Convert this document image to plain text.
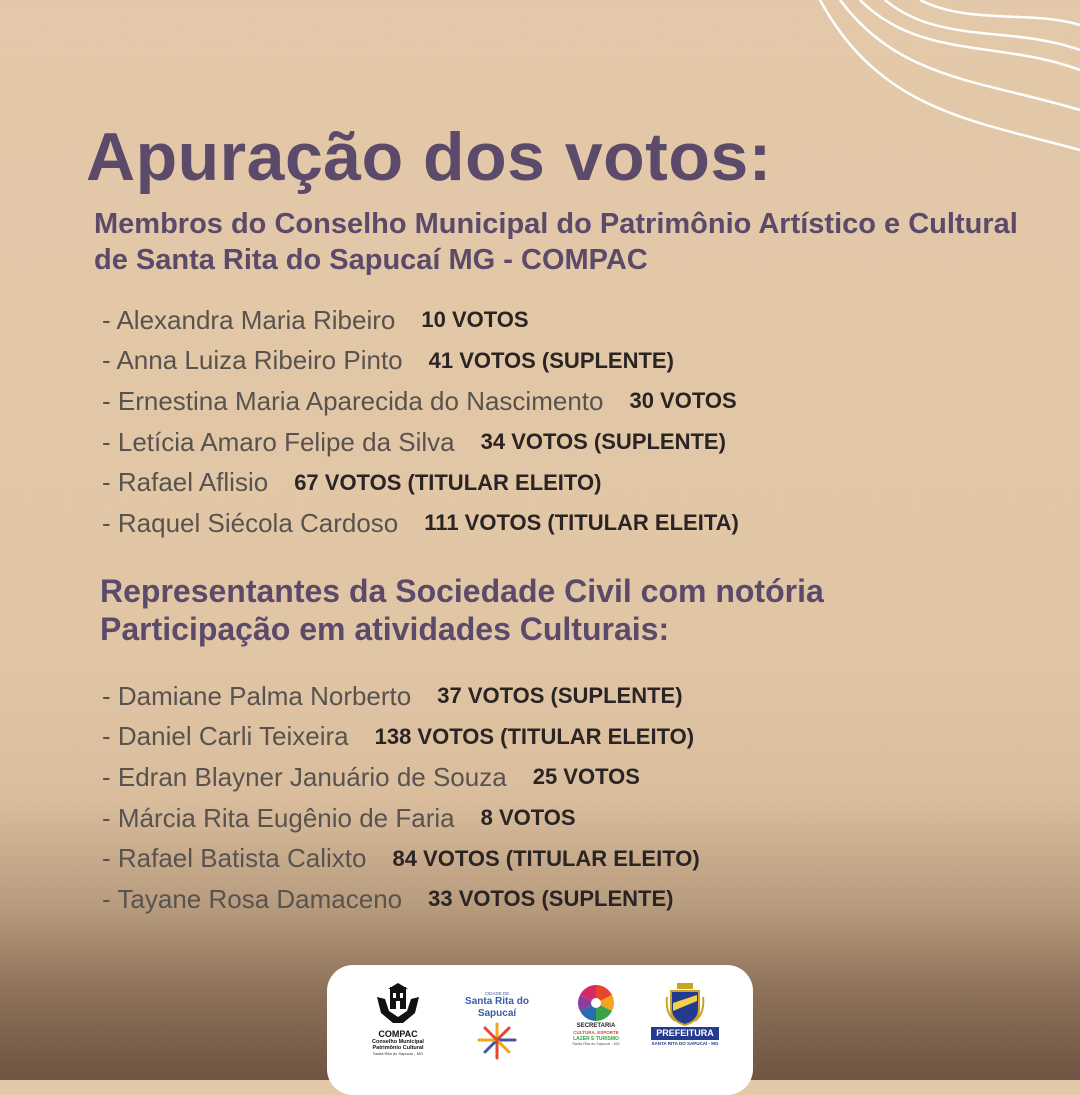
Apuração dos votos:

Membros do Conselho Municipal do Patrimônio Artístico e Cultural de Santa Rita do Sapucaí MG - COMPAC

- Alexandra Maria Ribeiro 10 VOTOS
- Anna Luiza Ribeiro Pinto 41 VOTOS (SUPLENTE)
- Ernestina Maria Aparecida do Nascimento 30 VOTOS
- Letícia Amaro Felipe da Silva 34 VOTOS (SUPLENTE)
- Rafael Aflisio 67 VOTOS (TITULAR ELEITO)
- Raquel Siécola Cardoso 111 VOTOS (TITULAR ELEITA)
Representantes da Sociedade Civil com notória Participação em atividades Culturais:
- Damiane Palma Norberto 37 VOTOS (SUPLENTE)
- Daniel Carli Teixeira 138 VOTOS (TITULAR ELEITO)
- Edran Blayner Januário de Souza 25 VOTOS
- Márcia Rita Eugênio de Faria 8 VOTOS
- Rafael Batista Calixto 84 VOTOS (TITULAR ELEITO)
- Tayane Rosa Damaceno 33 VOTOS (SUPLENTE)
COMPAC
Conselho Municipal
Patrimônio Cultural
Santa Rita do Sapucaí - MG
CIDADE DE
Santa Rita do Sapucaí
SECRETARIA
CULTURA, ESPORTE
LAZER E TURISMO
Santa Rita do Sapucaí - MG
PREFEITURA
SANTA RITA DO SAPUCAÍ - MG
